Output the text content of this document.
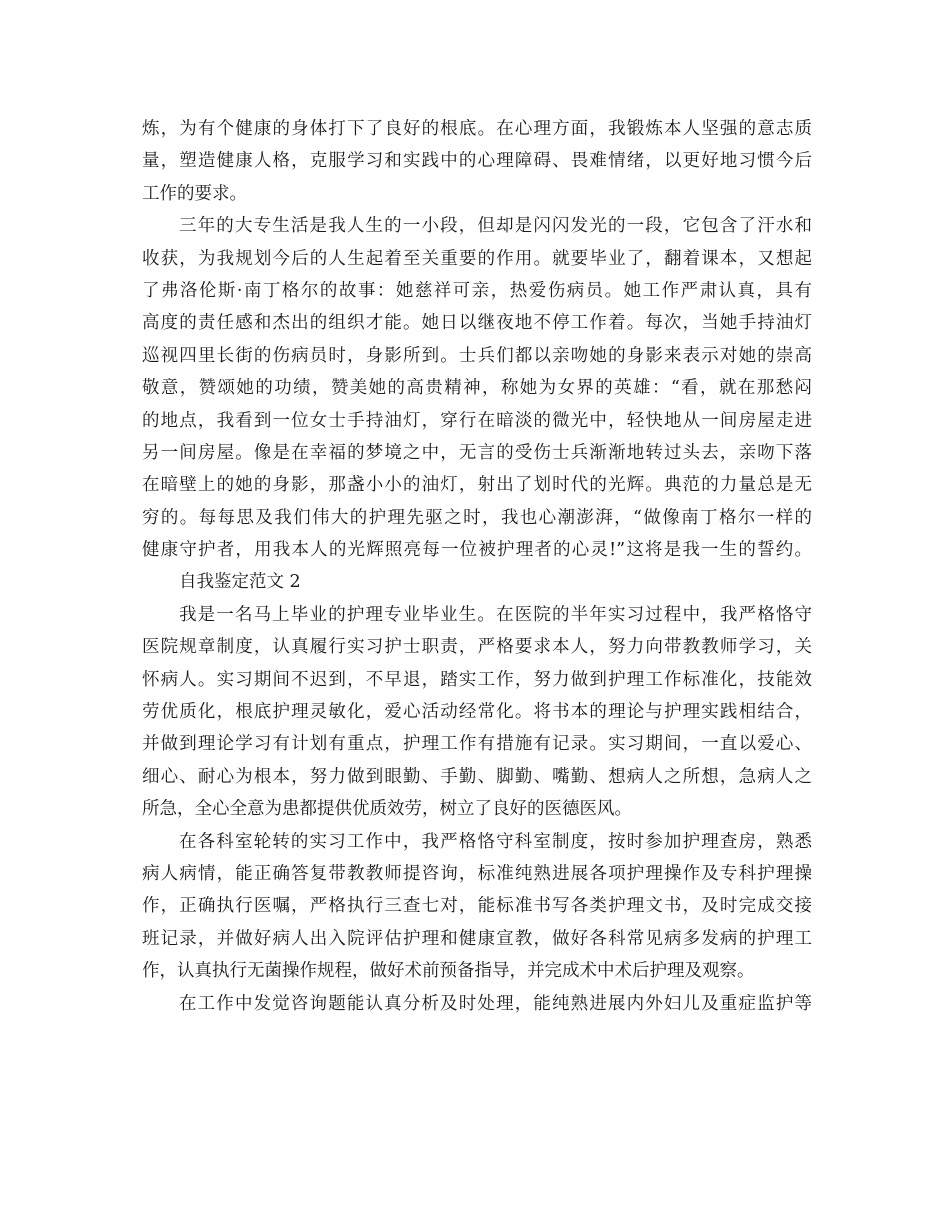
炼，为有个健康的身体打下了良好的根底。在心理方面，我锻炼本人坚强的意志质
量，塑造健康人格，克服学习和实践中的心理障碍、畏难情绪，以更好地习惯今后
工作的要求。
三年的大专生活是我人生的一小段，但却是闪闪发光的一段，它包含了汗水和
收获，为我规划今后的人生起着至关重要的作用。就要毕业了，翻着课本，又想起
了弗洛伦斯·南丁格尔的故事：她慈祥可亲，热爱伤病员。她工作严肃认真，具有
高度的责任感和杰出的组织才能。她日以继夜地不停工作着。每次，当她手持油灯
巡视四里长街的伤病员时，身影所到。士兵们都以亲吻她的身影来表示对她的崇高
敬意，赞颂她的功绩，赞美她的高贵精神，称她为女界的英雄：“看，就在那愁闷
的地点，我看到一位女士手持油灯，穿行在暗淡的微光中，轻快地从一间房屋走进
另一间房屋。像是在幸福的梦境之中，无言的受伤士兵渐渐地转过头去，亲吻下落
在暗壁上的她的身影，那盏小小的油灯，射出了划时代的光辉。典范的力量总是无
穷的。每每思及我们伟大的护理先驱之时，我也心潮澎湃，“做像南丁格尔一样的
健康守护者，用我本人的光辉照亮每一位被护理者的心灵!”这将是我一生的誓约。
自我鉴定范文 2
我是一名马上毕业的护理专业毕业生。在医院的半年实习过程中，我严格恪守
医院规章制度，认真履行实习护士职责，严格要求本人，努力向带教教师学习，关
怀病人。实习期间不迟到，不早退，踏实工作，努力做到护理工作标准化，技能效
劳优质化，根底护理灵敏化，爱心活动经常化。将书本的理论与护理实践相结合，
并做到理论学习有计划有重点，护理工作有措施有记录。实习期间，一直以爱心、
细心、耐心为根本，努力做到眼勤、手勤、脚勤、嘴勤、想病人之所想，急病人之
所急，全心全意为患都提供优质效劳，树立了良好的医德医风。
在各科室轮转的实习工作中，我严格恪守科室制度，按时参加护理查房，熟悉
病人病情，能正确答复带教教师提咨询，标准纯熟进展各项护理操作及专科护理操
作，正确执行医嘱，严格执行三查七对，能标准书写各类护理文书，及时完成交接
班记录，并做好病人出入院评估护理和健康宣教，做好各科常见病多发病的护理工
作，认真执行无菌操作规程，做好术前预备指导，并完成术中术后护理及观察。
在工作中发觉咨询题能认真分析及时处理，能纯熟进展内外妇儿及重症监护等
